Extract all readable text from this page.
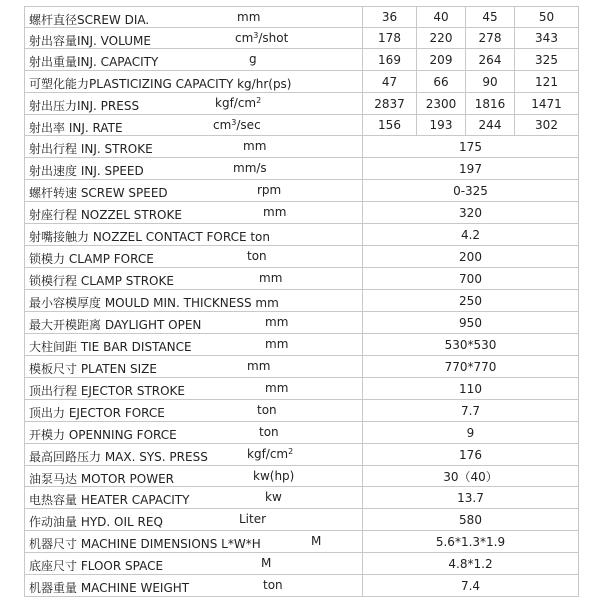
螺杆直径SCREW DIA. mm	36	40	45	50

射出容量INJ. VOLUME $cm^3$/shot	178	220	278	343

射出重量INJ. CAPACITY g	169	209	264	325

可塑化能力PLASTICIZING CAPACITY kg/hr(ps)	47	66	90	121

射出压力INJ. PRESS kgf/$cm^2$	2837	2300	1816	1471

射出率 INJ. RATE $cm^3/\sec$	156	193	244	302

射出行程 INJ. STROKE mm	175			

射出速度 INJ. SPEED mm/s	197			

螺杆转速 SCREW SPEED rpm	0-325			

射座行程 NOZZEL STROKE mm	320			

射嘴接触力 NOZZEL CONTACT FORCE ton	4.2			

锁模力 CLAMP FORCE ton	200			

锁模行程 CLAMP STROKE mm	700			

最小容模厚度 MOULD MIN. THICKNESS mm	250			

最大开模距离 DAYLIGHT OPEN mm	950			

大柱间距 TIE BAR DISTANCE mm	530*530			

模板尺寸 PLATEN SIZE mm	770*770			

顶出行程 EJECTOR STROKE mm	110			

顶出力 EJECTOR FORCE ton	7.7			

开模力 OPENNING FORCE ton	9			

最高回路压力 MAX. SYS. PRESS kgf/$cm^2$	176			

油泵马达 MOTOR POWER kw(hp)	30（40）			

电热容量 HEATER CAPACITY kw	13.7			

作动油量 HYD. OIL REQ Liter	580			

机器尺寸 MACHINE DIMENSIONS L*W*H M	5.6*1.3*1.9			

底座尺寸 FLOOR SPACE M	4.8*1.2			

机器重量 MACHINE WEIGHT ton	7.4			
